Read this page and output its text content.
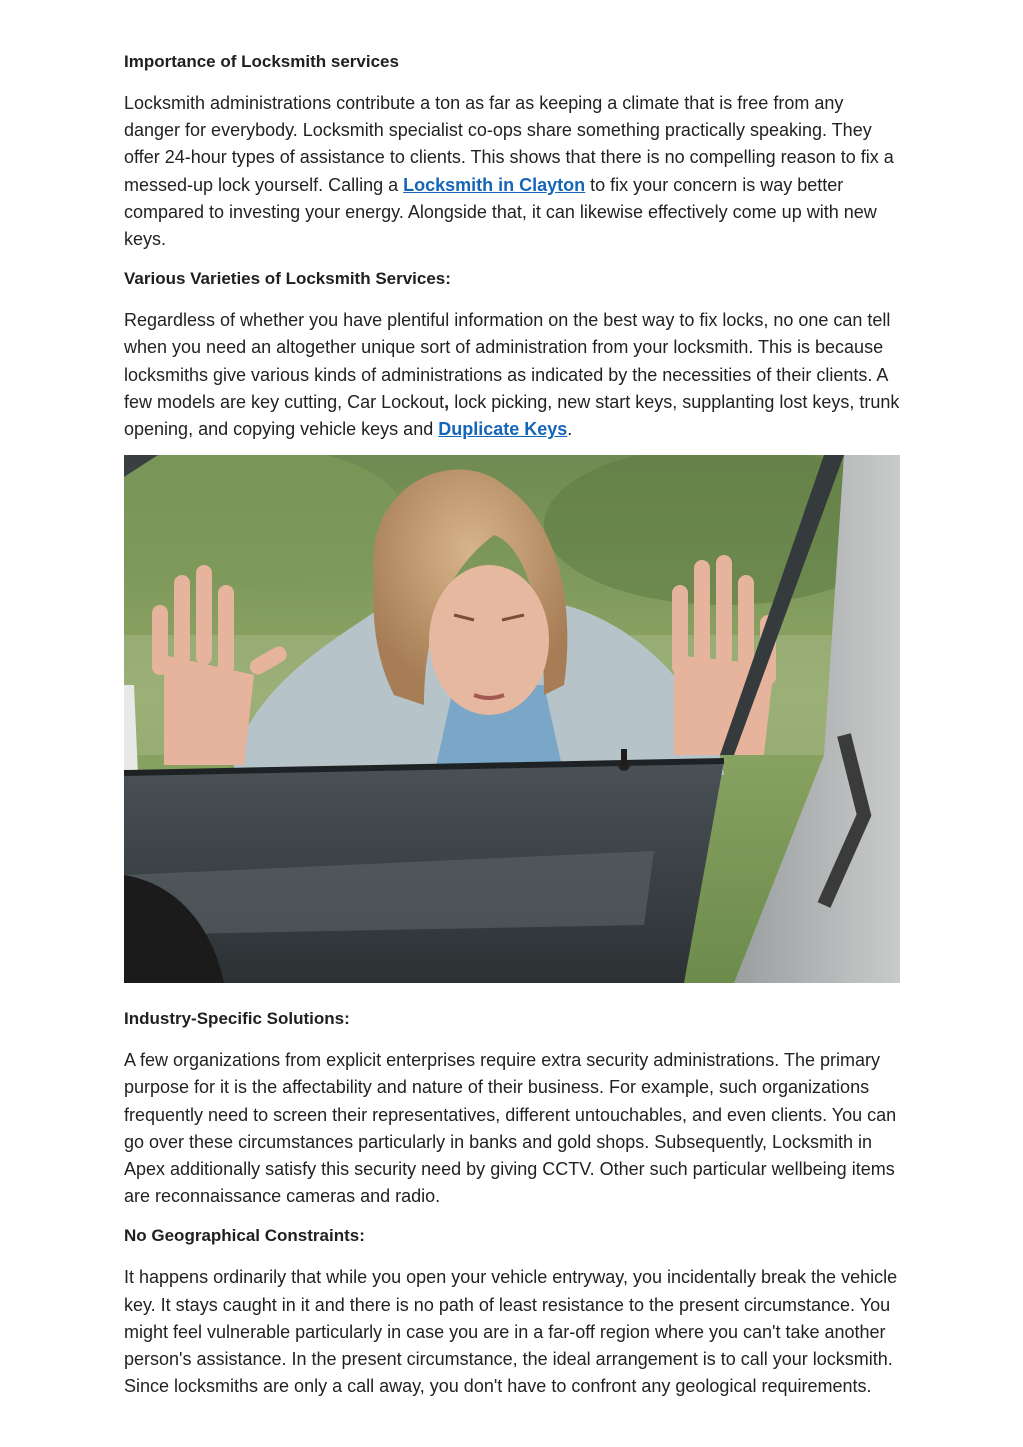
Importance of Locksmith services

Locksmith administrations contribute a ton as far as keeping a climate that is free from any danger for everybody. Locksmith specialist co-ops share something practically speaking. They offer 24-hour types of assistance to clients. This shows that there is no compelling reason to fix a messed-up lock yourself. Calling a Locksmith in Clayton to fix your concern is way better compared to investing your energy. Alongside that, it can likewise effectively come up with new keys.

Various Varieties of Locksmith Services:

Regardless of whether you have plentiful information on the best way to fix locks, no one can tell when you need an altogether unique sort of administration from your locksmith. This is because locksmiths give various kinds of administrations as indicated by the necessities of their clients. A few models are key cutting, Car Lockout, lock picking, new start keys, supplanting lost keys, trunk opening, and copying vehicle keys and Duplicate Keys.

Industry-Specific Solutions:

A few organizations from explicit enterprises require extra security administrations. The primary purpose for it is the affectability and nature of their business. For example, such organizations frequently need to screen their representatives, different untouchables, and even clients. You can go over these circumstances particularly in banks and gold shops. Subsequently, Locksmith in Apex additionally satisfy this security need by giving CCTV. Other such particular wellbeing items are reconnaissance cameras and radio.

No Geographical Constraints:

It happens ordinarily that while you open your vehicle entryway, you incidentally break the vehicle key. It stays caught in it and there is no path of least resistance to the present circumstance. You might feel vulnerable particularly in case you are in a far-off region where you can't take another person's assistance. In the present circumstance, the ideal arrangement is to call your locksmith. Since locksmiths are only a call away, you don't have to confront any geological requirements.
